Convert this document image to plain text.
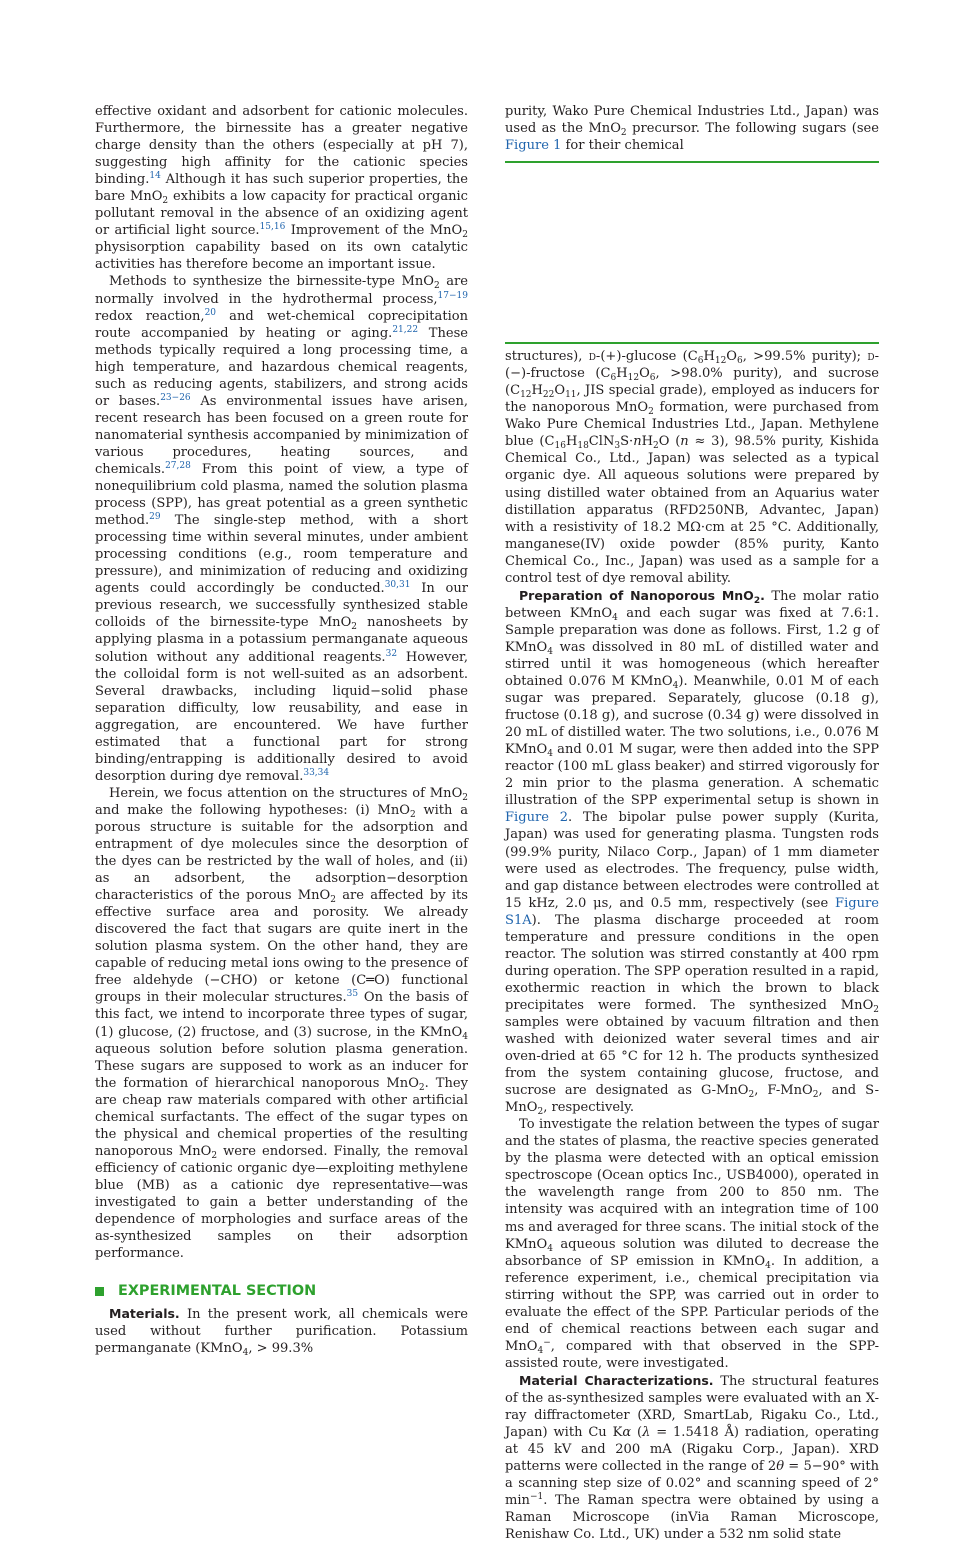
effective oxidant and adsorbent for cationic molecules. Furthermore, the birnessite has a greater negative charge density than the others (especially at pH 7), suggesting high affinity for the cationic species binding.$^{14}$ Although it has such superior properties, the bare MnO$_2$ exhibits a low capacity for practical organic pollutant removal in the absence of an oxidizing agent or artificial light source.$^{15,16}$ Improvement of the MnO$_2$ physisorption capability based on its own catalytic activities has therefore become an important issue.

Methods to synthesize the birnessite-type MnO$_2$ are normally involved in the hydrothermal process,$^{17-19}$ redox reaction,$^{20}$ and wet-chemical coprecipitation route accompanied by heating or aging.$^{21,22}$ These methods typically required a long processing time, a high temperature, and hazardous chemical reagents, such as reducing agents, stabilizers, and strong acids or bases.$^{23-26}$ As environmental issues have arisen, recent research has been focused on a green route for nanomaterial synthesis accompanied by minimization of various procedures, heating sources, and chemicals.$^{27,28}$ From this point of view, a type of nonequilibrium cold plasma, named the solution plasma process (SPP), has great potential as a green synthetic method.$^{29}$ The single-step method, with a short processing time within several minutes, under ambient processing conditions (e.g., room temperature and pressure), and minimization of reducing and oxidizing agents could accordingly be conducted.$^{30,31}$ In our previous research, we successfully synthesized stable colloids of the birnessite-type MnO$_2$ nanosheets by applying plasma in a potassium permanganate aqueous solution without any additional reagents.$^{32}$ However, the colloidal form is not well-suited as an adsorbent. Several drawbacks, including liquid−solid phase separation difficulty, low reusability, and ease in aggregation, are encountered. We have further estimated that a functional part for strong binding/entrapping is additionally desired to avoid desorption during dye removal.$^{33,34}$

Herein, we focus attention on the structures of MnO$_2$ and make the following hypotheses: (i) MnO$_2$ with a porous structure is suitable for the adsorption and entrapment of dye molecules since the desorption of the dyes can be restricted by the wall of holes, and (ii) as an adsorbent, the adsorption−desorption characteristics of the porous MnO$_2$ are affected by its effective surface area and porosity. We already discovered the fact that sugars are quite inert in the solution plasma system. On the other hand, they are capable of reducing metal ions owing to the presence of free aldehyde (−CHO) or ketone (C═O) functional groups in their molecular structures.$^{35}$ On the basis of this fact, we intend to incorporate three types of sugar, (1) glucose, (2) fructose, and (3) sucrose, in the KMnO$_4$ aqueous solution before solution plasma generation. These sugars are supposed to work as an inducer for the formation of hierarchical nanoporous MnO$_2$. They are cheap raw materials compared with other artificial chemical surfactants. The effect of the sugar types on the physical and chemical properties of the resulting nanoporous MnO$_2$ were endorsed. Finally, the removal efficiency of cationic organic dye—exploiting methylene blue (MB) as a cationic dye representative—was investigated to gain a better understanding of the dependence of morphologies and surface areas of the as-synthesized samples on their adsorption performance.

EXPERIMENTAL SECTION

Materials. In the present work, all chemicals were used without further purification. Potassium permanganate (KMnO$_4$, > 99.3%

purity, Wako Pure Chemical Industries Ltd., Japan) was used as the MnO$_2$ precursor. The following sugars (see Figure 1 for their chemical

structures), d-(+)-glucose ($C_6H_{12}O_6$, >99.5% purity); d-(−)-fructose ($C_6H_{12}O_6$, >98.0% purity), and sucrose ($C_{12}H_{22}O_{11}$, JIS special grade), employed as inducers for the nanoporous MnO$_2$ formation, were purchased from Wako Pure Chemical Industries Ltd., Japan. Methylene blue ($C_{16}H_{18}ClN_3S\cdot nH_2O$ (n ≈ 3), 98.5% purity, Kishida Chemical Co., Ltd., Japan) was selected as a typical organic dye. All aqueous solutions were prepared by using distilled water obtained from an Aquarius water distillation apparatus (RFD250NB, Advantec, Japan) with a resistivity of 18.2 MΩ·cm at 25 °C. Additionally, manganese(IV) oxide powder (85% purity, Kanto Chemical Co., Inc., Japan) was used as a sample for a control test of dye removal ability.

Preparation of Nanoporous MnO$_2$. The molar ratio between KMnO$_4$ and each sugar was fixed at 7.6:1. Sample preparation was done as follows. First, 1.2 g of KMnO$_4$ was dissolved in 80 mL of distilled water and stirred until it was homogeneous (which hereafter obtained 0.076 M KMnO$_4$). Meanwhile, 0.01 M of each sugar was prepared. Separately, glucose (0.18 g), fructose (0.18 g), and sucrose (0.34 g) were dissolved in 20 mL of distilled water. The two solutions, i.e., 0.076 M KMnO$_4$ and 0.01 M sugar, were then added into the SPP reactor (100 mL glass beaker) and stirred vigorously for 2 min prior to the plasma generation. A schematic illustration of the SPP experimental setup is shown in Figure 2. The bipolar pulse power supply (Kurita, Japan) was used for generating plasma. Tungsten rods (99.9% purity, Nilaco Corp., Japan) of 1 mm diameter were used as electrodes. The frequency, pulse width, and gap distance between electrodes were controlled at 15 kHz, 2.0 μs, and 0.5 mm, respectively (see Figure S1A). The plasma discharge proceeded at room temperature and pressure conditions in the open reactor. The solution was stirred constantly at 400 rpm during operation. The SPP operation resulted in a rapid, exothermic reaction in which the brown to black precipitates were formed. The synthesized MnO$_2$ samples were obtained by vacuum filtration and then washed with deionized water several times and air oven-dried at 65 °C for 12 h. The products synthesized from the system containing glucose, fructose, and sucrose are designated as G-MnO$_2$, F-MnO$_2$, and S-MnO$_2$, respectively.

To investigate the relation between the types of sugar and the states of plasma, the reactive species generated by the plasma were detected with an optical emission spectroscope (Ocean optics Inc., USB4000), operated in the wavelength range from 200 to 850 nm. The intensity was acquired with an integration time of 100 ms and averaged for three scans. The initial stock of the KMnO$_4$ aqueous solution was diluted to decrease the absorbance of SP emission in KMnO$_4$. In addition, a reference experiment, i.e., chemical precipitation via stirring without the SPP, was carried out in order to evaluate the effect of the SPP. Particular periods of the end of chemical reactions between each sugar and MnO$_4$−, compared with that observed in the SPP-assisted route, were investigated.

Material Characterizations. The structural features of the as-synthesized samples were evaluated with an X-ray diffractometer (XRD, SmartLab, Rigaku Co., Ltd., Japan) with Cu Kα (λ = 1.5418 Å) radiation, operating at 45 kV and 200 mA (Rigaku Corp., Japan). XRD patterns were collected in the range of 2θ = 5−90° with a scanning step size of 0.02° and scanning speed of 2° $\min^{-1}$. The Raman spectra were obtained by using a Raman Microscope (inVia Raman Microscope, Renishaw Co. Ltd., UK) under a 532 nm solid state
